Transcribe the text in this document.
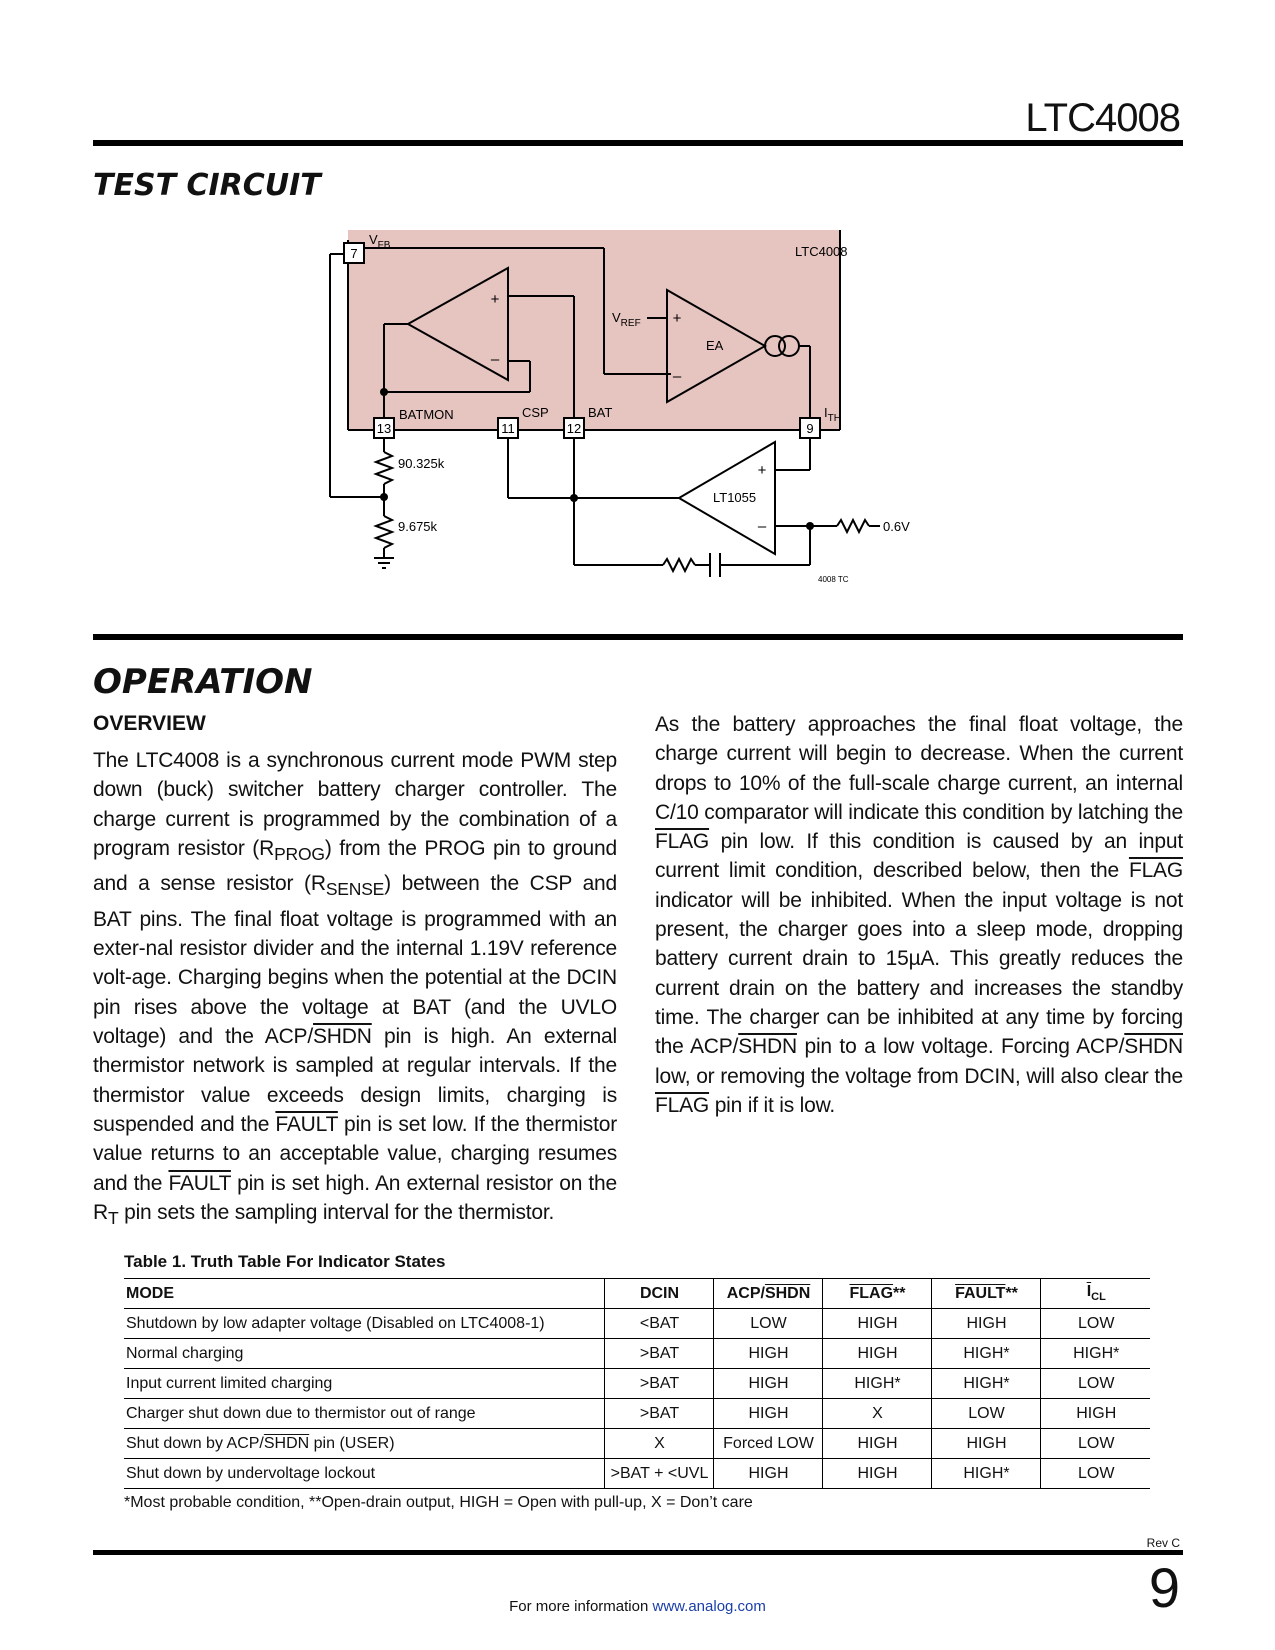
LTC4008
TEST CIRCUIT
7
13	11	12	9
$V_{FB}$	LTC4008
$V_{REF}$
EA
+
–
+
–
BATMON	CSP	BAT	$I_{TH}$
90.325k
9.675k
LT1055
+
–	0.6V
4008 TC
OPERATION
OVERVIEW

The LTC4008 is a synchronous current mode PWM step down (buck) switcher battery charger controller. The charge current is programmed by the combination of a program resistor $(R_{PROG})$ from the PROG pin to ground and a sense resistor $(R_{SENSE})$ between the CSP and BAT pins. The final float voltage is programmed with an exter-nal resistor divider and the internal 1.19V reference volt-age. Charging begins when the potential at the DCIN pin rises above the voltage at BAT (and the UVLO voltage) and the ACP/SHDN pin is high. An external thermistor network is sampled at regular intervals. If the thermistor value exceeds design limits, charging is suspended and the FAULT pin is set low. If the thermistor value returns to an acceptable value, charging resumes and the FAULT pin is set high. An external resistor on the $R_T$ pin sets the sampling interval for the thermistor.

As the battery approaches the final float voltage, the charge current will begin to decrease. When the current drops to 10% of the full-scale charge current, an internal C/10 comparator will indicate this condition by latching the FLAG pin low. If this condition is caused by an input current limit condition, described below, then the FLAG indicator will be inhibited. When the input voltage is not present, the charger goes into a sleep mode, dropping battery current drain to 15µA. This greatly reduces the current drain on the battery and increases the standby time. The charger can be inhibited at any time by forcing the ACP/SHDN pin to a low voltage. Forcing ACP/SHDN low, or removing the voltage from DCIN, will also clear the FLAG pin if it is low.

Table 1. Truth Table For Indicator States
MODE	DCIN	ACP/SHDN	FLAG**	FAULT**	$\overline{I}_{CL}$
Shutdown by low adapter voltage (Disabled on LTC4008-1)	<BAT	LOW	HIGH	HIGH	LOW
Normal charging	>BAT	HIGH	HIGH	HIGH*	HIGH*
Input current limited charging	>BAT	HIGH	HIGH*	HIGH*	LOW
Charger shut down due to thermistor out of range	>BAT	HIGH	X	LOW	HIGH
Shut down by ACP/SHDN pin (USER)	X	Forced LOW	HIGH	HIGH	LOW
Shut down by undervoltage lockout	>BAT + <UVL	HIGH	HIGH	HIGH*	LOW
*Most probable condition, **Open-drain output, HIGH = Open with pull-up, X = Don’t care
Rev C
9
For more information www.analog.com
